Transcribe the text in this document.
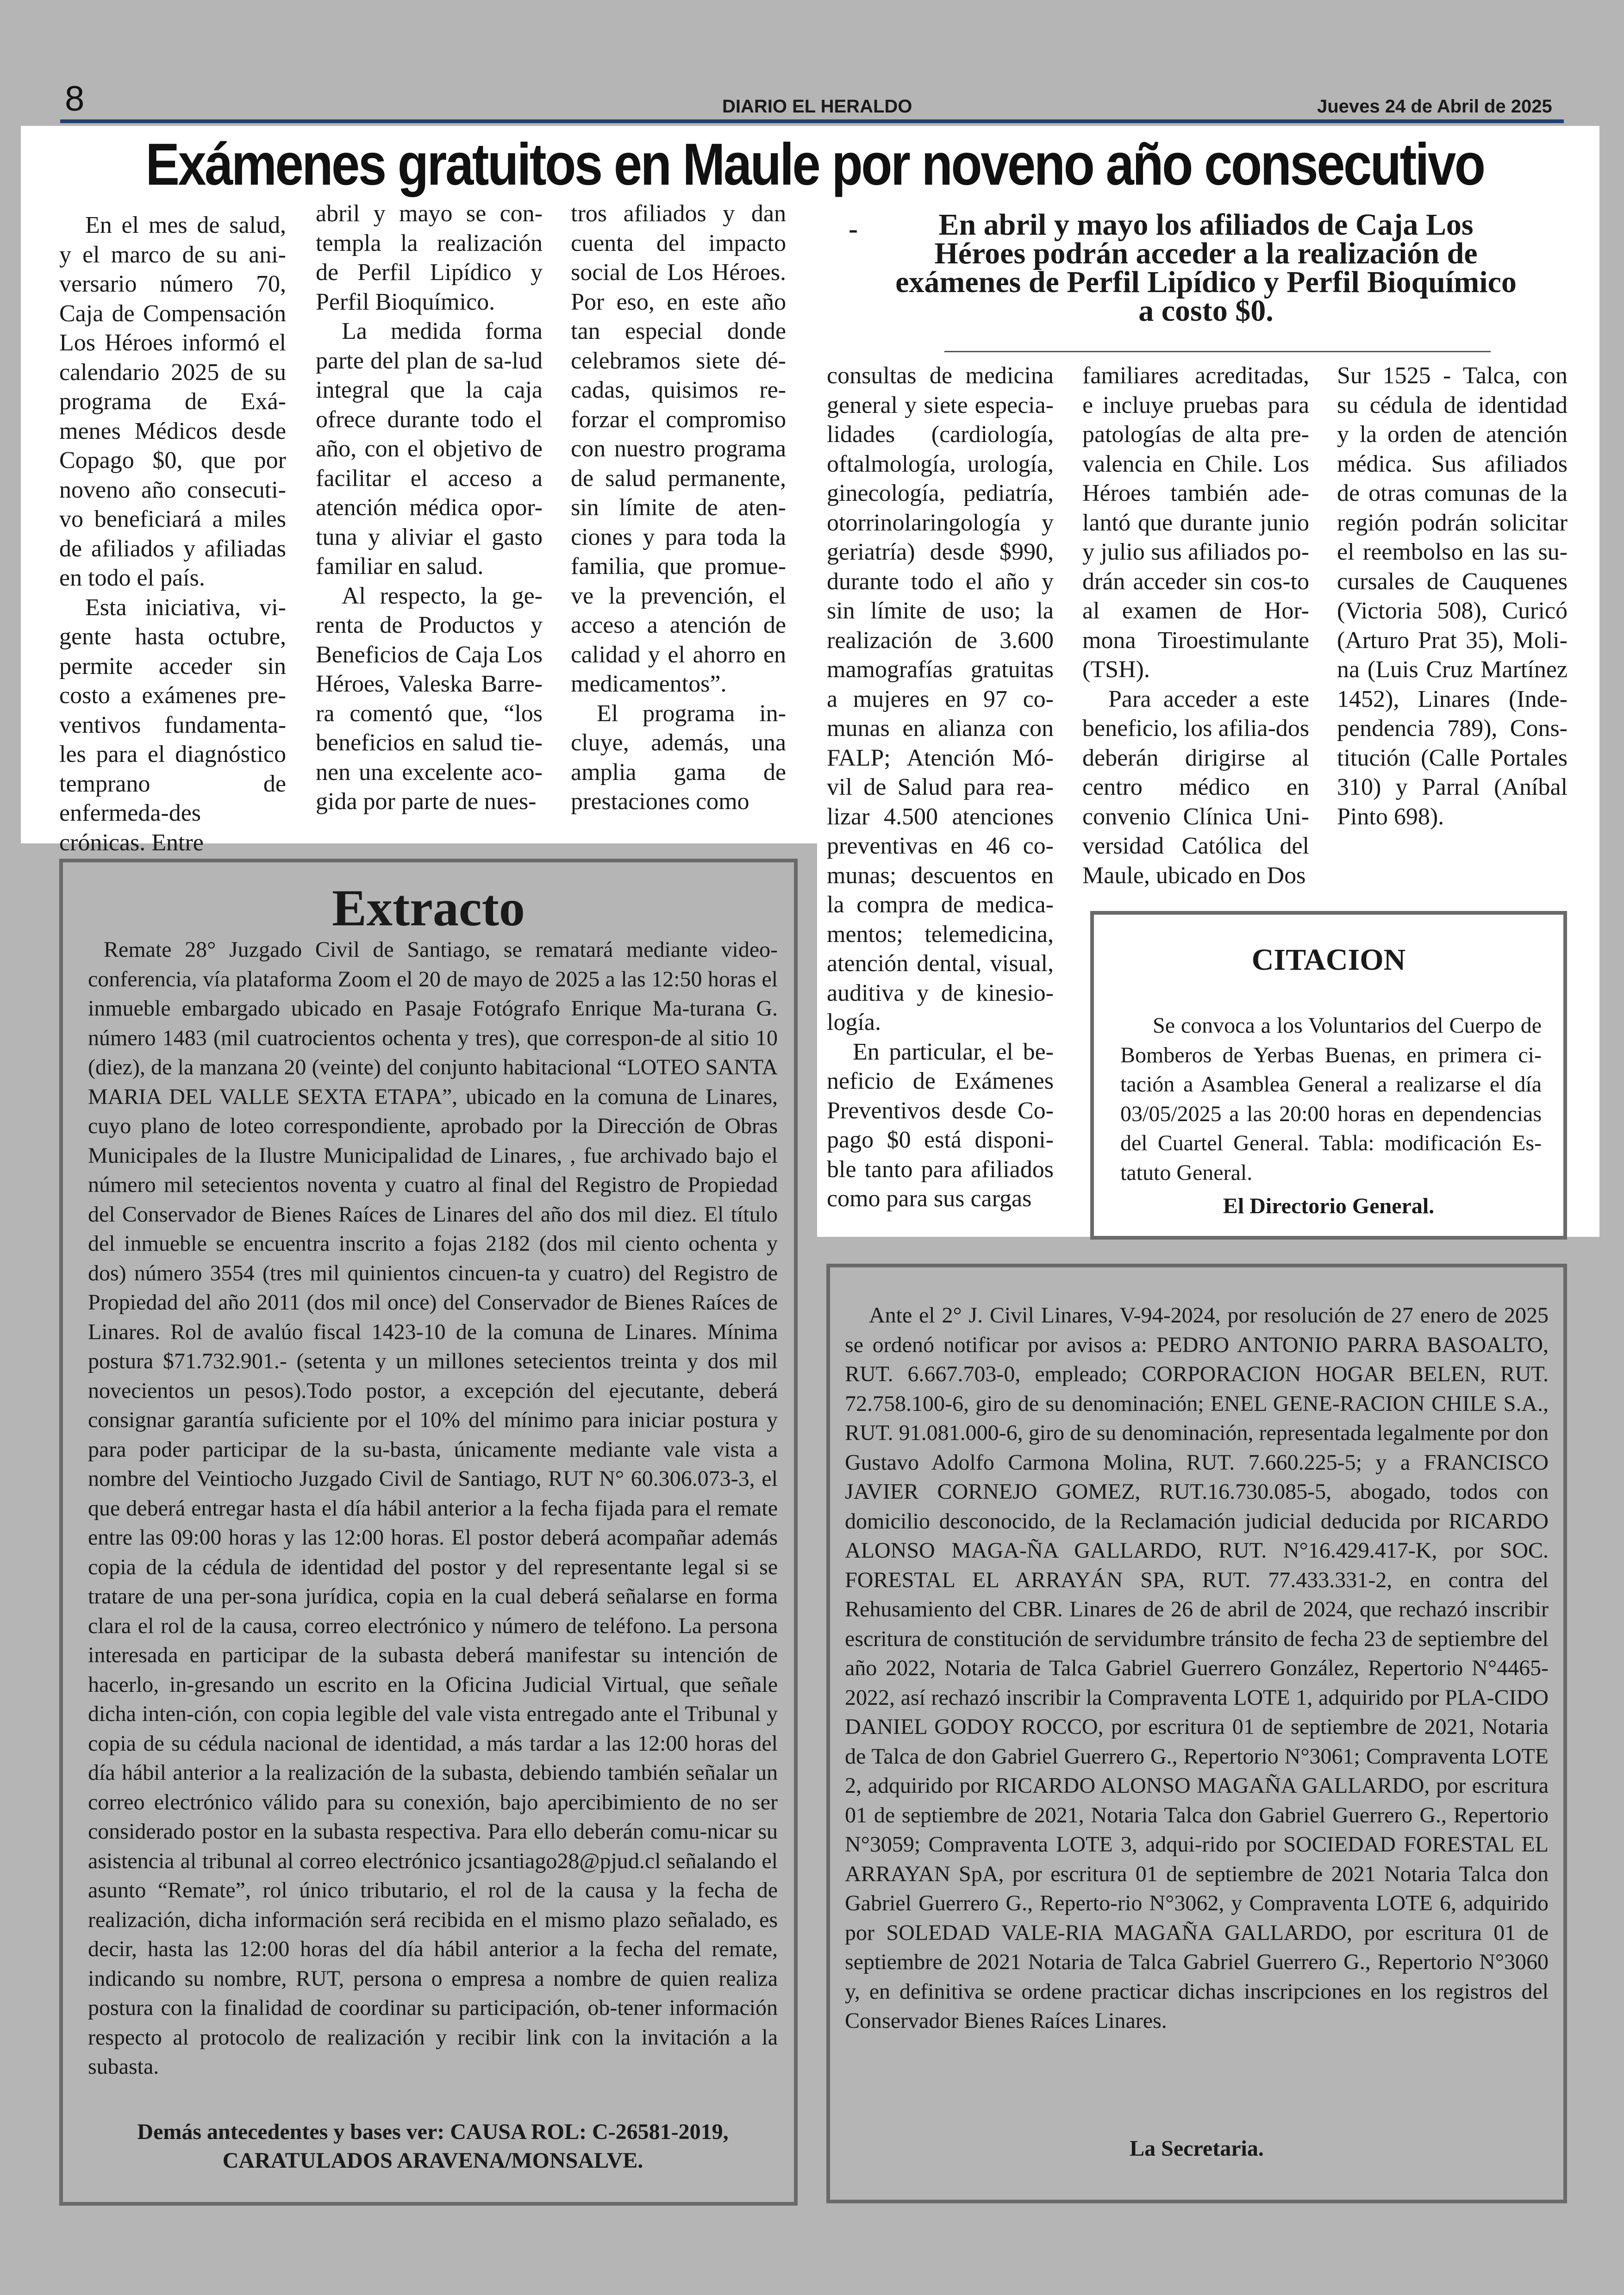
8	DIARIO EL HERALDO	Jueves 24 de Abril de 2025
Exámenes gratuitos en Maule por noveno año consecutivo
-	En abril y mayo los afiliados de Caja Los Héroes podrán acceder a la realización de exámenes de Perfil Lipídico y Perfil Bioquímico a costo $0.

En el mes de salud, y el marco de su ani-versario número 70, Caja de Compensación Los Héroes informó el calendario 2025 de su programa de Exá-menes Médicos desde Copago $0, que por noveno año consecuti-vo beneficiará a miles de afiliados y afiliadas en todo el país.

Esta iniciativa, vi-gente hasta octubre, permite acceder sin costo a exámenes pre-ventivos fundamenta-les para el diagnóstico temprano de enfermeda-des crónicas. Entre

abril y mayo se con-templa la realización de Perfil Lipídico y Perfil Bioquímico.

La medida forma parte del plan de sa-lud integral que la caja ofrece durante todo el año, con el objetivo de facilitar el acceso a atención médica opor-tuna y aliviar el gasto familiar en salud.

Al respecto, la ge-renta de Productos y Beneficios de Caja Los Héroes, Valeska Barre-ra comentó que, “los beneficios en salud tie-nen una excelente aco-gida por parte de nues-

tros afiliados y dan cuenta del impacto social de Los Héroes. Por eso, en este año tan especial donde celebramos siete dé-cadas, quisimos re-forzar el compromiso con nuestro programa de salud permanente, sin límite de aten-ciones y para toda la familia, que promue-ve la prevención, el acceso a atención de calidad y el ahorro en medicamentos”.

El programa in-cluye, además, una amplia gama de prestaciones como

consultas de medicina general y siete especia-lidades (cardiología, oftalmología, urología, ginecología, pediatría, otorrinolaringología y geriatría) desde $990, durante todo el año y sin límite de uso; la realización de 3.600 mamografías gratuitas a mujeres en 97 co-munas en alianza con FALP; Atención Mó-vil de Salud para rea-lizar 4.500 atenciones preventivas en 46 co-munas; descuentos en la compra de medica-mentos; telemedicina, atención dental, visual, auditiva y de kinesio-logía.

En particular, el be-neficio de Exámenes Preventivos desde Co-pago $0 está disponi-ble tanto para afiliados como para sus cargas

familiares acreditadas, e incluye pruebas para patologías de alta pre-valencia en Chile. Los Héroes también ade-lantó que durante junio y julio sus afiliados po-drán acceder sin cos-to al examen de Hor-mona Tiroestimulante (TSH).

Para acceder a este beneficio, los afilia-dos deberán dirigirse al centro médico en convenio Clínica Uni-versidad Católica del Maule, ubicado en Dos

Sur 1525 - Talca, con su cédula de identidad y la orden de atención médica. Sus afiliados de otras comunas de la región podrán solicitar el reembolso en las su-cursales de Cauquenes (Victoria 508), Curicó (Arturo Prat 35), Moli-na (Luis Cruz Martínez 1452), Linares (Inde-pendencia 789), Cons-titución (Calle Portales 310) y Parral (Aníbal Pinto 698).

Extracto

Remate 28° Juzgado Civil de Santiago, se rematará mediante video-conferencia, vía plataforma Zoom el 20 de mayo de 2025 a las 12:50 horas el inmueble embargado ubicado en Pasaje Fotógrafo Enrique Ma-turana G. número 1483 (mil cuatrocientos ochenta y tres), que correspon-de al sitio 10 (diez), de la manzana 20 (veinte) del conjunto habitacional “LOTEO SANTA MARIA DEL VALLE SEXTA ETAPA”, ubicado en la comuna de Linares, cuyo plano de loteo correspondiente, aprobado por la Dirección de Obras Municipales de la Ilustre Municipalidad de Linares, , fue archivado bajo el número mil setecientos noventa y cuatro al final del Registro de Propiedad del Conservador de Bienes Raíces de Linares del año dos mil diez. El título del inmueble se encuentra inscrito a fojas 2182 (dos mil ciento ochenta y dos) número 3554 (tres mil quinientos cincuen-ta y cuatro) del Registro de Propiedad del año 2011 (dos mil once) del Conservador de Bienes Raíces de Linares. Rol de avalúo fiscal 1423-10 de la comuna de Linares. Mínima postura $71.732.901.- (setenta y un millones setecientos treinta y dos mil novecientos un pesos).Todo postor, a excepción del ejecutante, deberá consignar garantía suficiente por el 10% del mínimo para iniciar postura y para poder participar de la su-basta, únicamente mediante vale vista a nombre del Veintiocho Juzgado Civil de Santiago, RUT N° 60.306.073-3, el que deberá entregar hasta el día hábil anterior a la fecha fijada para el remate entre las 09:00 horas y las 12:00 horas. El postor deberá acompañar además copia de la cédula de identidad del postor y del representante legal si se tratare de una per-sona jurídica, copia en la cual deberá señalarse en forma clara el rol de la causa, correo electrónico y número de teléfono. La persona interesada en participar de la subasta deberá manifestar su intención de hacerlo, in-gresando un escrito en la Oficina Judicial Virtual, que señale dicha inten-ción, con copia legible del vale vista entregado ante el Tribunal y copia de su cédula nacional de identidad, a más tardar a las 12:00 horas del día hábil anterior a la realización de la subasta, debiendo también señalar un correo electrónico válido para su conexión, bajo apercibimiento de no ser considerado postor en la subasta respectiva. Para ello deberán comu-nicar su asistencia al tribunal al correo electrónico jcsantiago28@pjud.cl señalando el asunto “Remate”, rol único tributario, el rol de la causa y la fecha de realización, dicha información será recibida en el mismo plazo señalado, es decir, hasta las 12:00 horas del día hábil anterior a la fecha del remate, indicando su nombre, RUT, persona o empresa a nombre de quien realiza postura con la finalidad de coordinar su participación, ob-tener información respecto al protocolo de realización y recibir link con la invitación a la subasta.

Demás antecedentes y bases ver: CAUSA ROL: C-26581-2019,
CARATULADOS ARAVENA/MONSALVE.
CITACION

Se convoca a los Voluntarios del Cuerpo de Bomberos de Yerbas Buenas, en primera ci-tación a Asamblea General a realizarse el día 03/05/2025 a las 20:00 horas en dependencias del Cuartel General. Tabla: modificación Es-tatuto General.

El Directorio General.

Ante el 2° J. Civil Linares, V-94-2024, por resolución de 27 enero de 2025 se ordenó notificar por avisos a: PEDRO ANTONIO PARRA BASOALTO, RUT. 6.667.703-0, empleado; CORPORACION HOGAR BELEN, RUT. 72.758.100-6, giro de su denominación; ENEL GENE-RACION CHILE S.A., RUT. 91.081.000-6, giro de su denominación, representada legalmente por don Gustavo Adolfo Carmona Molina, RUT. 7.660.225-5; y a FRANCISCO JAVIER CORNEJO GOMEZ, RUT.16.730.085-5, abogado, todos con domicilio desconocido, de la Reclamación judicial deducida por RICARDO ALONSO MAGA-ÑA GALLARDO, RUT. N°16.429.417-K, por SOC. FORESTAL EL ARRAYÁN SPA, RUT. 77.433.331-2, en contra del Rehusamiento del CBR. Linares de 26 de abril de 2024, que rechazó inscribir escritura de constitución de servidumbre tránsito de fecha 23 de septiembre del año 2022, Notaria de Talca Gabriel Guerrero González, Repertorio N°4465-2022, así rechazó inscribir la Compraventa LOTE 1, adquirido por PLA-CIDO DANIEL GODOY ROCCO, por escritura 01 de septiembre de 2021, Notaria de Talca de don Gabriel Guerrero G., Repertorio N°3061; Compraventa LOTE 2, adquirido por RICARDO ALONSO MAGAÑA GALLARDO, por escritura 01 de septiembre de 2021, Notaria Talca don Gabriel Guerrero G., Repertorio N°3059; Compraventa LOTE 3, adqui-rido por SOCIEDAD FORESTAL EL ARRAYAN SpA, por escritura 01 de septiembre de 2021 Notaria Talca don Gabriel Guerrero G., Reperto-rio N°3062, y Compraventa LOTE 6, adquirido por SOLEDAD VALE-RIA MAGAÑA GALLARDO, por escritura 01 de septiembre de 2021 Notaria de Talca Gabriel Guerrero G., Repertorio N°3060 y, en definitiva se ordene practicar dichas inscripciones en los registros del Conservador Bienes Raíces Linares.

La Secretaria.
